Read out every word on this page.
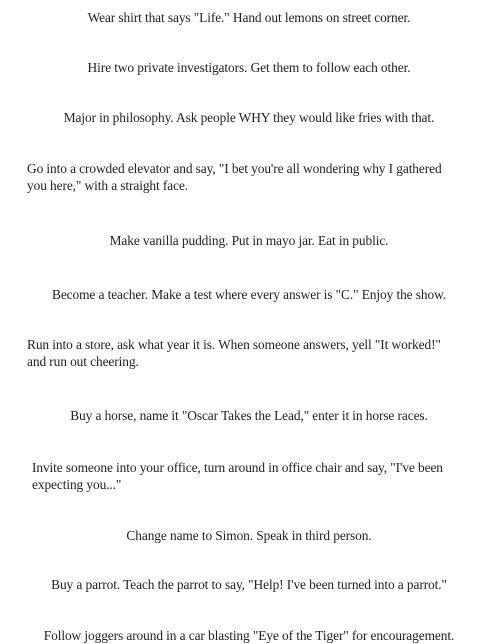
Wear shirt that says "Life." Hand out lemons on street corner.
Hire two private investigators. Get them to follow each other.
Major in philosophy. Ask people WHY they would like fries with that.
Go into a crowded elevator and say, "I bet you're all wondering why I gathered
you here," with a straight face.
Make vanilla pudding. Put in mayo jar. Eat in public.
Become a teacher. Make a test where every answer is "C." Enjoy the show.
Run into a store, ask what year it is. When someone answers, yell "It worked!"
and run out cheering.
Buy a horse, name it "Oscar Takes the Lead," enter it in horse races.
Invite someone into your office, turn around in office chair and say, "I've been
expecting you..."
Change name to Simon. Speak in third person.
Buy a parrot. Teach the parrot to say, "Help! I've been turned into a parrot."
Follow joggers around in a car blasting "Eye of the Tiger" for encouragement.
